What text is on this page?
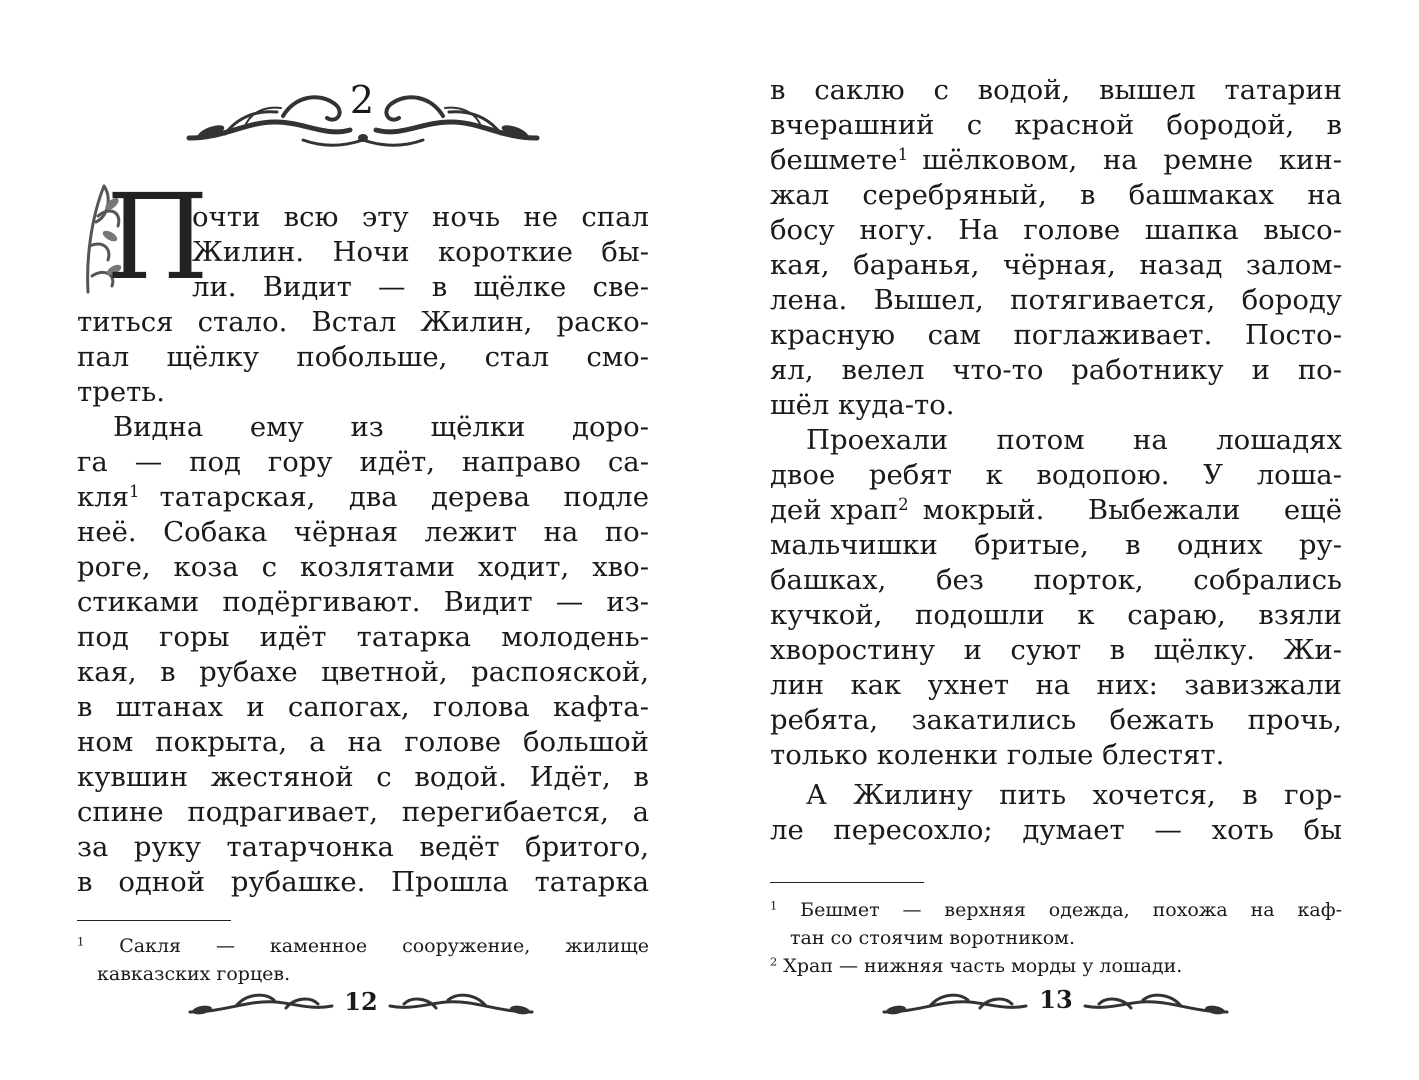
2
П
очти всю эту ночь не спал
Жилин. Ночи короткие бы-
ли. Видит — в щёлке све-
титься стало. Встал Жилин, раско-
пал щёлку побольше, стал смо-
треть.
Видна ему из щёлки доро-
га — под гору идёт, направо са-
кля$^1$ татарская, два дерева подле
неё. Собака чёрная лежит на по-
роге, коза с козлятами ходит, хво-
стиками подёргивают. Видит — из-
под горы идёт татарка молодень-
кая, в рубахе цветной, распояской,
в штанах и сапогах, голова кафта-
ном покрыта, а на голове большой
кувшин жестяной с водой. Идёт, в
спине подрагивает, перегибается, а
за руку татарчонка ведёт бритого,
в одной рубашке. Прошла татарка
$^1$ Сакля — каменное сооружение, жилище
кавказских горцев.
12
в саклю с водой, вышел татарин
вчерашний с красной бородой, в
бешмете$^1$ шёлковом, на ремне кин-
жал серебряный, в башмаках на
босу ногу. На голове шапка высо-
кая, баранья, чёрная, назад залом-
лена. Вышел, потягивается, бороду
красную сам поглаживает. Посто-
ял, велел что-то работнику и по-
шёл куда-то.
Проехали потом на лошадях
двое ребят к водопою. У лоша-
дей храп$^2$ мокрый. Выбежали ещё
мальчишки бритые, в одних ру-
башках, без порток, собрались
кучкой, подошли к сараю, взяли
хворостину и суют в щёлку. Жи-
лин как ухнет на них: завизжали
ребята, закатились бежать прочь,
только коленки голые блестят.
А Жилину пить хочется, в гор-
ле пересохло; думает — хоть бы
$^1$ Бешмет — верхняя одежда, похожа на каф-
тан со стоячим воротником.
$^2$ Храп — нижняя часть морды у лошади.
13
